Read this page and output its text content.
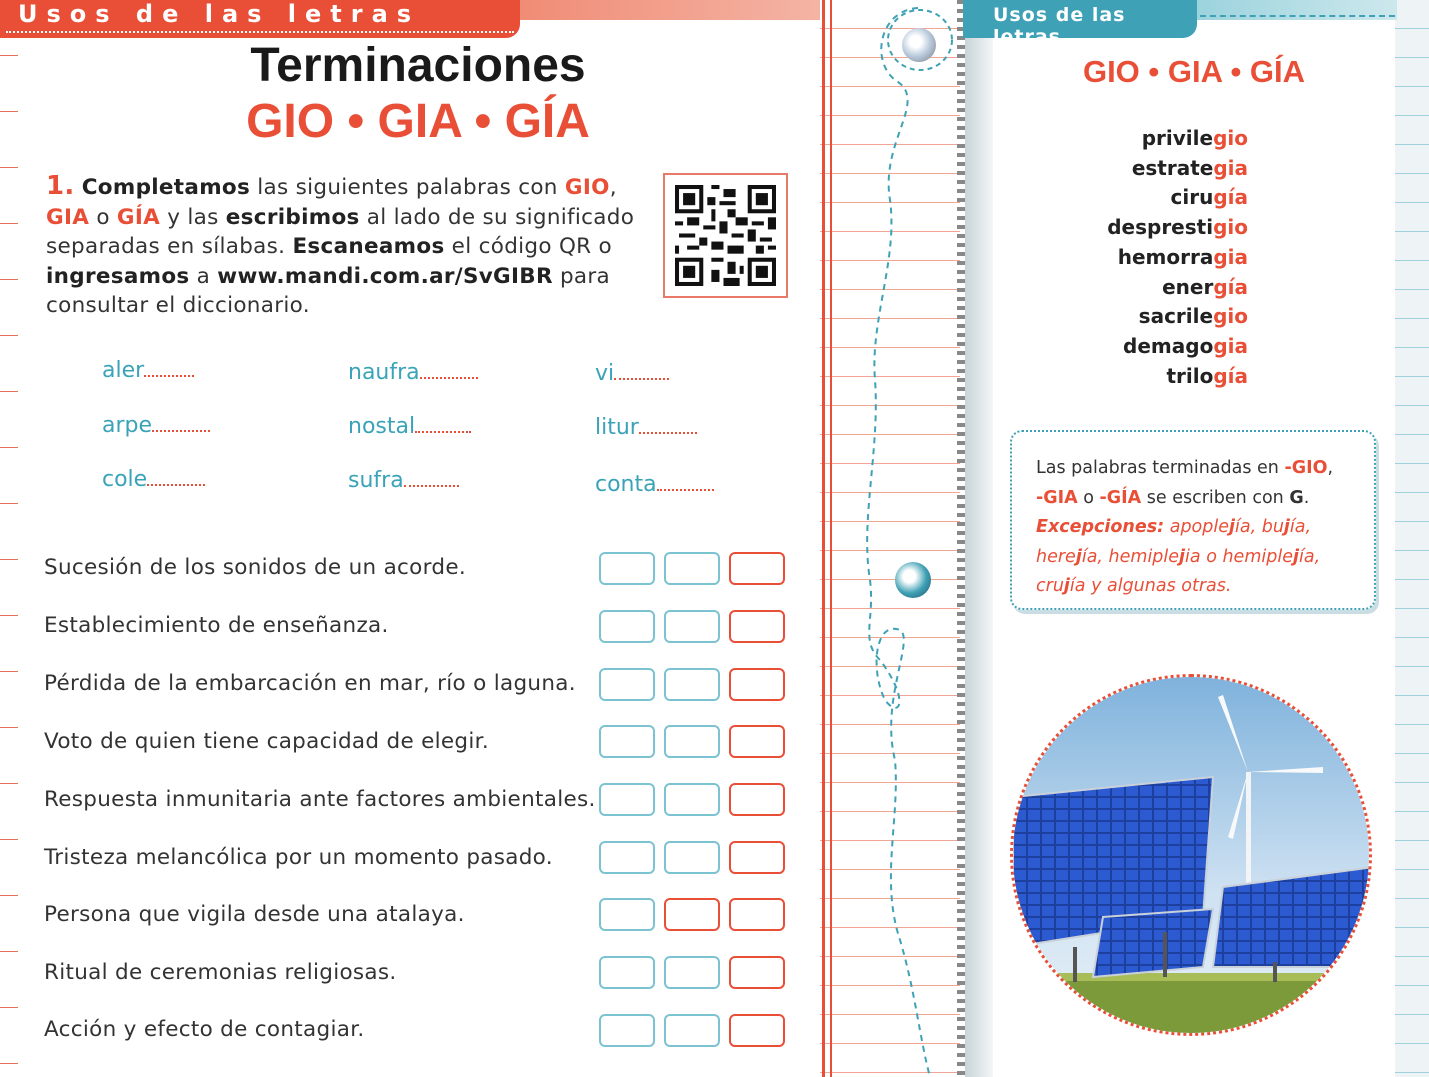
Usos de las letras
Terminaciones
GIO • GIA • GÍA
1. Completamos las siguientes palabras con GIO,
GIA o GÍA y las escribimos al lado de su significado separadas en sílabas. Escaneamos el código QR o ingresamos a www.mandi.com.ar/SvGIBR para consultar el diccionario.
aler	naufra	vi
arpe	nostal	litur
cole	sufra	conta
Sucesión de los sonidos de un acorde.
Establecimiento de enseñanza.
Pérdida de la embarcación en mar, río o laguna.
Voto de quien tiene capacidad de elegir.
Respuesta inmunitaria ante factores ambientales.
Tristeza melancólica por un momento pasado.
Persona que vigila desde una atalaya.
Ritual de ceremonias religiosas.
Acción y efecto de contagiar.
Usos de las letras
GIO • GIA • GÍA
privilegio
estrategia
cirugía
desprestigio
hemorragia
energía
sacrilegio
demagogia
trilogía

Las palabras terminadas en -GIO,
-GIA o -GÍA se escriben con G.
Excepciones: apoplejía, bujía,
herejía, hemiplejia o hemiplejía,
crujía y algunas otras.
